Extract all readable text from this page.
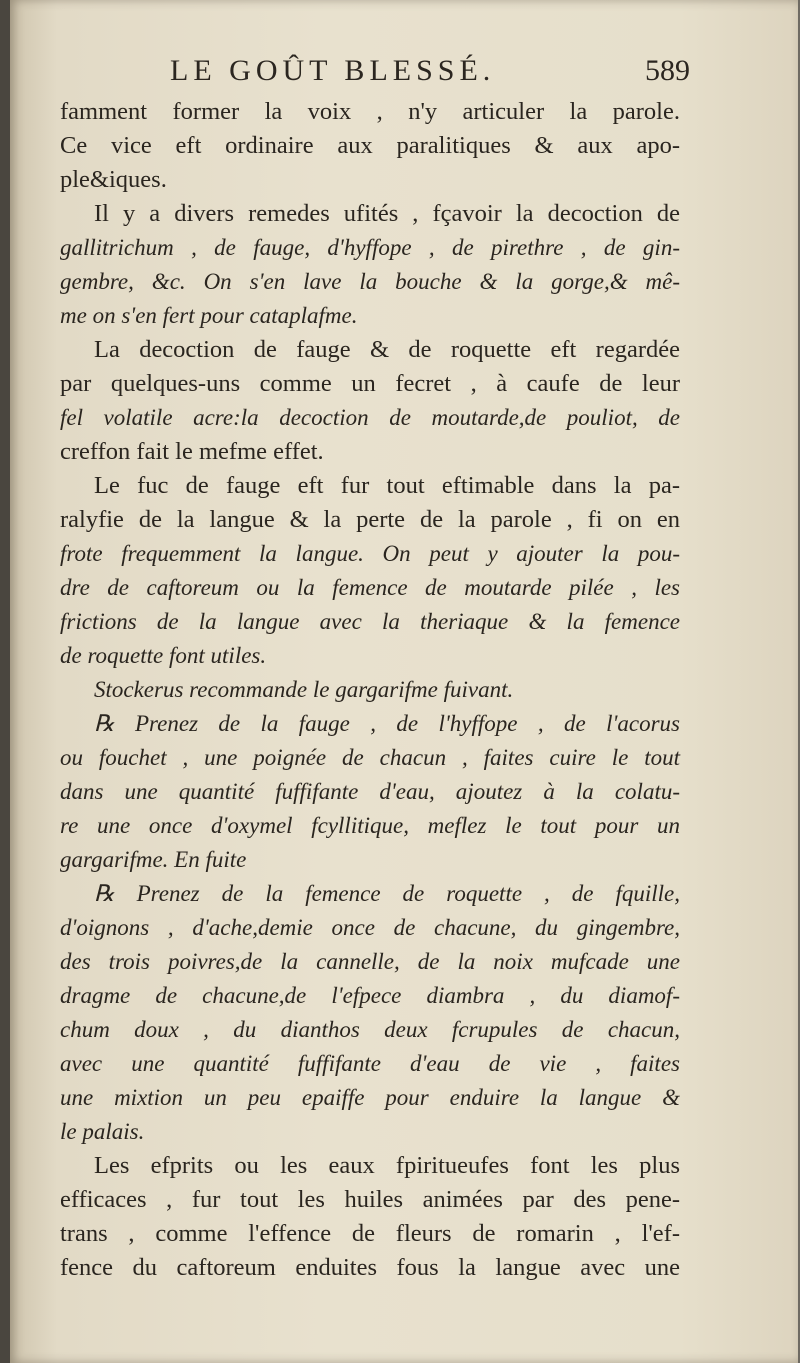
LE GOÛT BLESSÉ.	589
famment former la voix , n'y articuler la parole.
Ce vice eft ordinaire aux paralitiques & aux apo-
ple&iques.
Il y a divers remedes ufités , fçavoir la decoction de
gallitrichum , de fauge, d'hyffope , de pirethre , de gin-
gembre, &c. On s'en lave la bouche & la gorge,& mê-
me on s'en fert pour cataplafme.
La decoction de fauge & de roquette eft regardée
par quelques-uns comme un fecret , à caufe de leur
fel volatile acre:la decoction de moutarde,de pouliot, de
creffon fait le mefme effet.
Le fuc de fauge eft fur tout eftimable dans la pa-
ralyfie de la langue & la perte de la parole , fi on en
frote frequemment la langue. On peut y ajouter la pou-
dre de caftoreum ou la femence de moutarde pilée , les
frictions de la langue avec la theriaque & la femence
de roquette font utiles.
Stockerus recommande le gargarifme fuivant.
℞ Prenez de la fauge , de l'hyffope , de l'acorus
ou fouchet , une poignée de chacun , faites cuire le tout
dans une quantité fuffifante d'eau, ajoutez à la colatu-
re une once d'oxymel fcyllitique, meflez le tout pour un
gargarifme. En fuite
℞ Prenez de la femence de roquette , de fquille,
d'oignons , d'ache,demie once de chacune, du gingembre,
des trois poivres,de la cannelle, de la noix mufcade une
dragme de chacune,de l'efpece diambra , du diamof-
chum doux , du dianthos deux fcrupules de chacun,
avec une quantité fuffifante d'eau de vie , faites
une mixtion un peu epaiffe pour enduire la langue &
le palais.
Les efprits ou les eaux fpiritueufes font les plus
efficaces , fur tout les huiles animées par des pene-
trans , comme l'effence de fleurs de romarin , l'ef-
fence du caftoreum enduites fous la langue avec une
